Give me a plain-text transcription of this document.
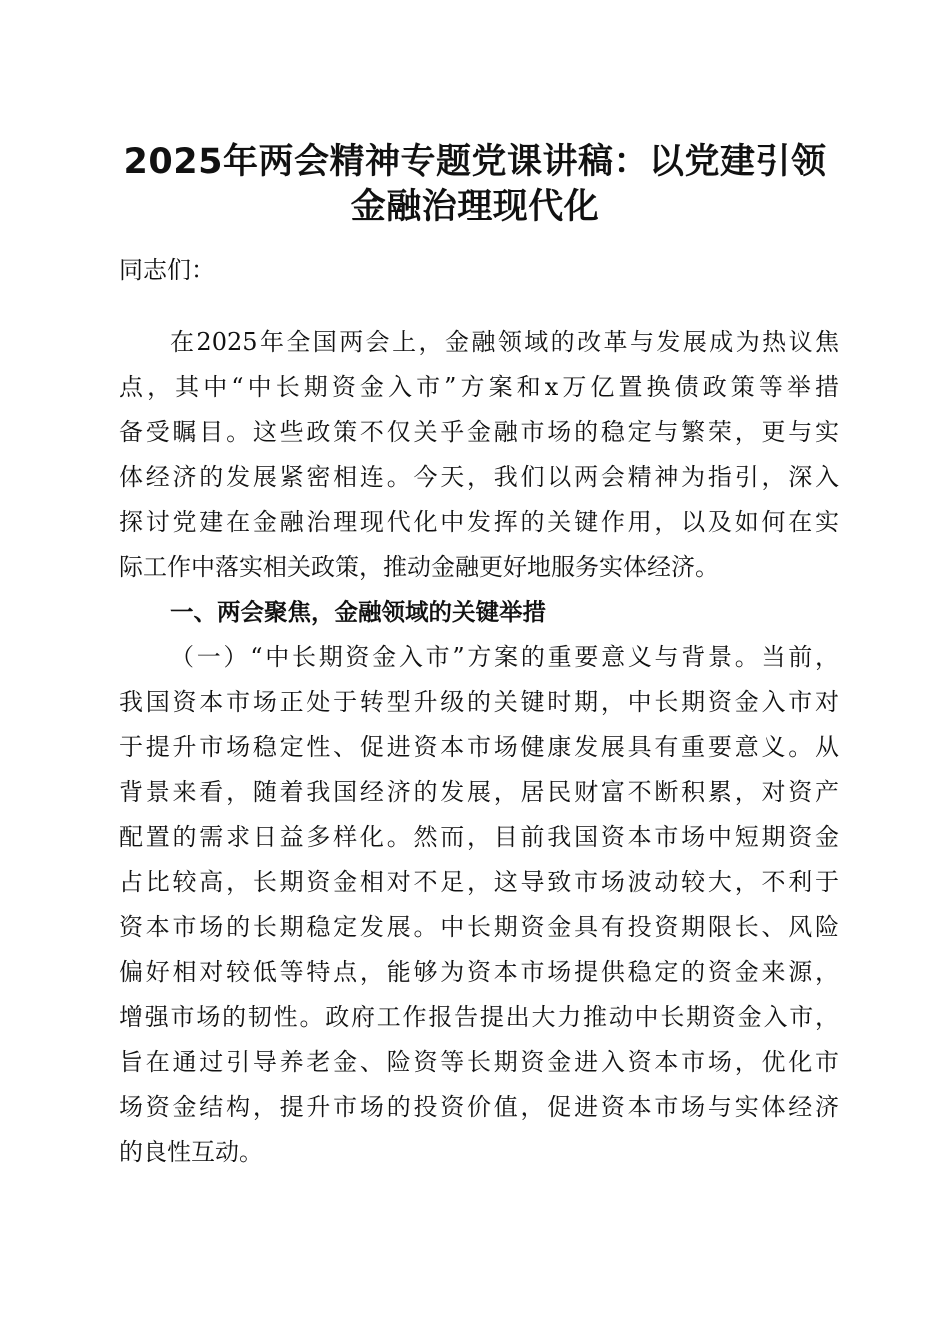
2025年两会精神专题党课讲稿：以党建引领
金融治理现代化
同志们：
在2025年全国两会上，金融领域的改革与发展成为热议焦
点，其中“中长期资金入市”方案和x万亿置换债政策等举措
备受瞩目。这些政策不仅关乎金融市场的稳定与繁荣，更与实
体经济的发展紧密相连。今天，我们以两会精神为指引，深入
探讨党建在金融治理现代化中发挥的关键作用，以及如何在实
际工作中落实相关政策，推动金融更好地服务实体经济。
一、两会聚焦，金融领域的关键举措
（一）“中长期资金入市”方案的重要意义与背景。当前，
我国资本市场正处于转型升级的关键时期，中长期资金入市对
于提升市场稳定性、促进资本市场健康发展具有重要意义。从
背景来看，随着我国经济的发展，居民财富不断积累，对资产
配置的需求日益多样化。然而，目前我国资本市场中短期资金
占比较高，长期资金相对不足，这导致市场波动较大，不利于
资本市场的长期稳定发展。中长期资金具有投资期限长、风险
偏好相对较低等特点，能够为资本市场提供稳定的资金来源，
增强市场的韧性。政府工作报告提出大力推动中长期资金入市，
旨在通过引导养老金、险资等长期资金进入资本市场，优化市
场资金结构，提升市场的投资价值，促进资本市场与实体经济
的良性互动。
